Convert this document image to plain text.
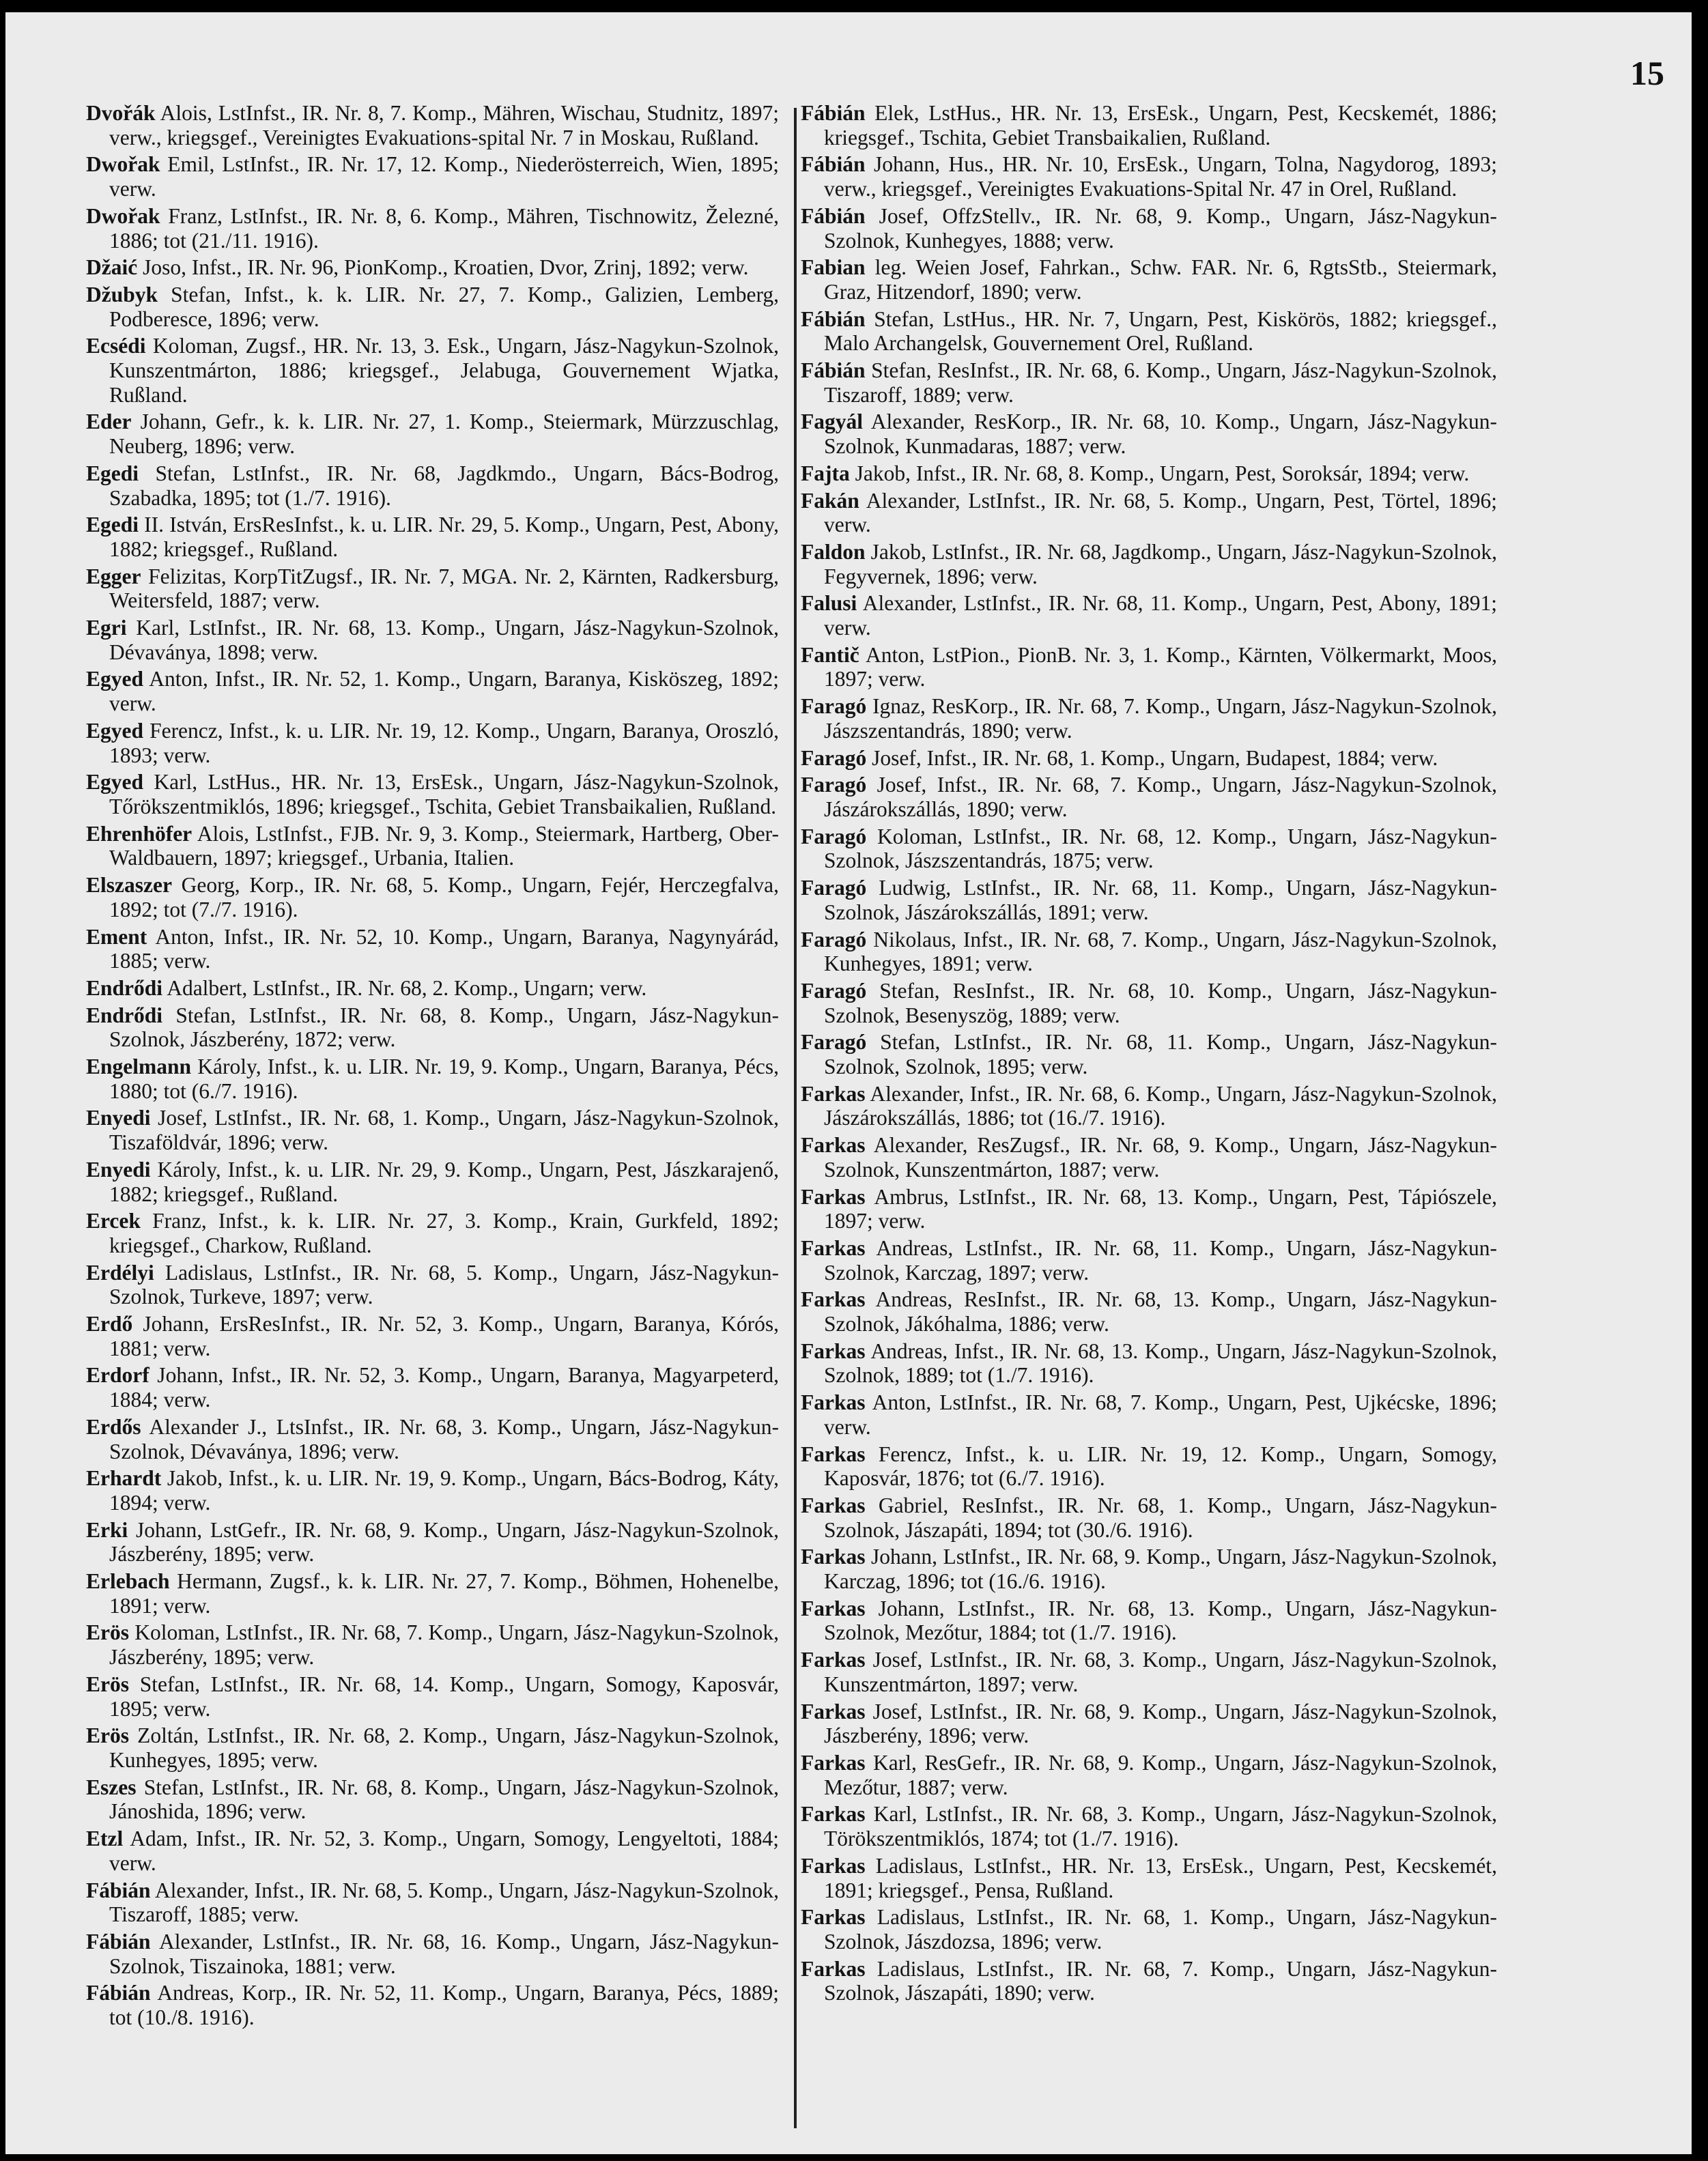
15
Dvořák Alois, LstInfst., IR. Nr. 8, 7. Komp., Mähren, Wischau, Studnitz, 1897; verw., kriegsgef., Vereinigtes Evakuations-spital Nr. 7 in Moskau, Rußland.
Dwořak Emil, LstInfst., IR. Nr. 17, 12. Komp., Niederösterreich, Wien, 1895; verw.
Dwořak Franz, LstInfst., IR. Nr. 8, 6. Komp., Mähren, Tischnowitz, Železné, 1886; tot (21./11. 1916).
Džaić Joso, Infst., IR. Nr. 96, PionKomp., Kroatien, Dvor, Zrinj, 1892; verw.
Džubyk Stefan, Infst., k. k. LIR. Nr. 27, 7. Komp., Galizien, Lemberg, Podberesce, 1896; verw.
Ecsédi Koloman, Zugsf., HR. Nr. 13, 3. Esk., Ungarn, Jász-Nagykun-Szolnok, Kunszentmárton, 1886; kriegsgef., Jelabuga, Gouvernement Wjatka, Rußland.
Eder Johann, Gefr., k. k. LIR. Nr. 27, 1. Komp., Steiermark, Mürzzuschlag, Neuberg, 1896; verw.
Egedi Stefan, LstInfst., IR. Nr. 68, Jagdkmdo., Ungarn, Bács-Bodrog, Szabadka, 1895; tot (1./7. 1916).
Egedi II. István, ErsResInfst., k. u. LIR. Nr. 29, 5. Komp., Ungarn, Pest, Abony, 1882; kriegsgef., Rußland.
Egger Felizitas, KorpTitZugsf., IR. Nr. 7, MGA. Nr. 2, Kärnten, Radkersburg, Weitersfeld, 1887; verw.
Egri Karl, LstInfst., IR. Nr. 68, 13. Komp., Ungarn, Jász-Nagykun-Szolnok, Dévaványa, 1898; verw.
Egyed Anton, Infst., IR. Nr. 52, 1. Komp., Ungarn, Baranya, Kisköszeg, 1892; verw.
Egyed Ferencz, Infst., k. u. LIR. Nr. 19, 12. Komp., Ungarn, Baranya, Oroszló, 1893; verw.
Egyed Karl, LstHus., HR. Nr. 13, ErsEsk., Ungarn, Jász-Nagykun-Szolnok, Tőrökszentmiklós, 1896; kriegsgef., Tschita, Gebiet Transbaikalien, Rußland.
Ehrenhöfer Alois, LstInfst., FJB. Nr. 9, 3. Komp., Steiermark, Hartberg, Ober-Waldbauern, 1897; kriegsgef., Urbania, Italien.
Elszaszer Georg, Korp., IR. Nr. 68, 5. Komp., Ungarn, Fejér, Herczegfalva, 1892; tot (7./7. 1916).
Ement Anton, Infst., IR. Nr. 52, 10. Komp., Ungarn, Baranya, Nagynyárád, 1885; verw.
Endrődi Adalbert, LstInfst., IR. Nr. 68, 2. Komp., Ungarn; verw.
Endrődi Stefan, LstInfst., IR. Nr. 68, 8. Komp., Ungarn, Jász-Nagykun-Szolnok, Jászberény, 1872; verw.
Engelmann Károly, Infst., k. u. LIR. Nr. 19, 9. Komp., Ungarn, Baranya, Pécs, 1880; tot (6./7. 1916).
Enyedi Josef, LstInfst., IR. Nr. 68, 1. Komp., Ungarn, Jász-Nagykun-Szolnok, Tiszaföldvár, 1896; verw.
Enyedi Károly, Infst., k. u. LIR. Nr. 29, 9. Komp., Ungarn, Pest, Jászkarajenő, 1882; kriegsgef., Rußland.
Ercek Franz, Infst., k. k. LIR. Nr. 27, 3. Komp., Krain, Gurkfeld, 1892; kriegsgef., Charkow, Rußland.
Erdélyi Ladislaus, LstInfst., IR. Nr. 68, 5. Komp., Ungarn, Jász-Nagykun-Szolnok, Turkeve, 1897; verw.
Erdő Johann, ErsResInfst., IR. Nr. 52, 3. Komp., Ungarn, Baranya, Kórós, 1881; verw.
Erdorf Johann, Infst., IR. Nr. 52, 3. Komp., Ungarn, Baranya, Magyarpeterd, 1884; verw.
Erdős Alexander J., LtsInfst., IR. Nr. 68, 3. Komp., Ungarn, Jász-Nagykun-Szolnok, Dévaványa, 1896; verw.
Erhardt Jakob, Infst., k. u. LIR. Nr. 19, 9. Komp., Ungarn, Bács-Bodrog, Káty, 1894; verw.
Erki Johann, LstGefr., IR. Nr. 68, 9. Komp., Ungarn, Jász-Nagykun-Szolnok, Jászberény, 1895; verw.
Erlebach Hermann, Zugsf., k. k. LIR. Nr. 27, 7. Komp., Böhmen, Hohenelbe, 1891; verw.
Erös Koloman, LstInfst., IR. Nr. 68, 7. Komp., Ungarn, Jász-Nagykun-Szolnok, Jászberény, 1895; verw.
Erös Stefan, LstInfst., IR. Nr. 68, 14. Komp., Ungarn, Somogy, Kaposvár, 1895; verw.
Erös Zoltán, LstInfst., IR. Nr. 68, 2. Komp., Ungarn, Jász-Nagykun-Szolnok, Kunhegyes, 1895; verw.
Eszes Stefan, LstInfst., IR. Nr. 68, 8. Komp., Ungarn, Jász-Nagykun-Szolnok, Jánoshida, 1896; verw.
Etzl Adam, Infst., IR. Nr. 52, 3. Komp., Ungarn, Somogy, Lengyeltoti, 1884; verw.
Fábián Alexander, Infst., IR. Nr. 68, 5. Komp., Ungarn, Jász-Nagykun-Szolnok, Tiszaroff, 1885; verw.
Fábián Alexander, LstInfst., IR. Nr. 68, 16. Komp., Ungarn, Jász-Nagykun-Szolnok, Tiszainoka, 1881; verw.
Fábián Andreas, Korp., IR. Nr. 52, 11. Komp., Ungarn, Baranya, Pécs, 1889; tot (10./8. 1916).
Fábián Elek, LstHus., HR. Nr. 13, ErsEsk., Ungarn, Pest, Kecskemét, 1886; kriegsgef., Tschita, Gebiet Transbaikalien, Rußland.
Fábián Johann, Hus., HR. Nr. 10, ErsEsk., Ungarn, Tolna, Nagydorog, 1893; verw., kriegsgef., Vereinigtes Evakuations-Spital Nr. 47 in Orel, Rußland.
Fábián Josef, OffzStellv., IR. Nr. 68, 9. Komp., Ungarn, Jász-Nagykun-Szolnok, Kunhegyes, 1888; verw.
Fabian leg. Weien Josef, Fahrkan., Schw. FAR. Nr. 6, RgtsStb., Steiermark, Graz, Hitzendorf, 1890; verw.
Fábián Stefan, LstHus., HR. Nr. 7, Ungarn, Pest, Kiskörös, 1882; kriegsgef., Malo Archangelsk, Gouvernement Orel, Rußland.
Fábián Stefan, ResInfst., IR. Nr. 68, 6. Komp., Ungarn, Jász-Nagykun-Szolnok, Tiszaroff, 1889; verw.
Fagyál Alexander, ResKorp., IR. Nr. 68, 10. Komp., Ungarn, Jász-Nagykun-Szolnok, Kunmadaras, 1887; verw.
Fajta Jakob, Infst., IR. Nr. 68, 8. Komp., Ungarn, Pest, Soroksár, 1894; verw.
Fakán Alexander, LstInfst., IR. Nr. 68, 5. Komp., Ungarn, Pest, Törtel, 1896; verw.
Faldon Jakob, LstInfst., IR. Nr. 68, Jagdkomp., Ungarn, Jász-Nagykun-Szolnok, Fegyvernek, 1896; verw.
Falusi Alexander, LstInfst., IR. Nr. 68, 11. Komp., Ungarn, Pest, Abony, 1891; verw.
Fantič Anton, LstPion., PionB. Nr. 3, 1. Komp., Kärnten, Völkermarkt, Moos, 1897; verw.
Faragó Ignaz, ResKorp., IR. Nr. 68, 7. Komp., Ungarn, Jász-Nagykun-Szolnok, Jászszentandrás, 1890; verw.
Faragó Josef, Infst., IR. Nr. 68, 1. Komp., Ungarn, Budapest, 1884; verw.
Faragó Josef, Infst., IR. Nr. 68, 7. Komp., Ungarn, Jász-Nagykun-Szolnok, Jászárokszállás, 1890; verw.
Faragó Koloman, LstInfst., IR. Nr. 68, 12. Komp., Ungarn, Jász-Nagykun-Szolnok, Jászszentandrás, 1875; verw.
Faragó Ludwig, LstInfst., IR. Nr. 68, 11. Komp., Ungarn, Jász-Nagykun-Szolnok, Jászárokszállás, 1891; verw.
Faragó Nikolaus, Infst., IR. Nr. 68, 7. Komp., Ungarn, Jász-Nagykun-Szolnok, Kunhegyes, 1891; verw.
Faragó Stefan, ResInfst., IR. Nr. 68, 10. Komp., Ungarn, Jász-Nagykun-Szolnok, Besenyszög, 1889; verw.
Faragó Stefan, LstInfst., IR. Nr. 68, 11. Komp., Ungarn, Jász-Nagykun-Szolnok, Szolnok, 1895; verw.
Farkas Alexander, Infst., IR. Nr. 68, 6. Komp., Ungarn, Jász-Nagykun-Szolnok, Jászárokszállás, 1886; tot (16./7. 1916).
Farkas Alexander, ResZugsf., IR. Nr. 68, 9. Komp., Ungarn, Jász-Nagykun-Szolnok, Kunszentmárton, 1887; verw.
Farkas Ambrus, LstInfst., IR. Nr. 68, 13. Komp., Ungarn, Pest, Tápiószele, 1897; verw.
Farkas Andreas, LstInfst., IR. Nr. 68, 11. Komp., Ungarn, Jász-Nagykun-Szolnok, Karczag, 1897; verw.
Farkas Andreas, ResInfst., IR. Nr. 68, 13. Komp., Ungarn, Jász-Nagykun-Szolnok, Jákóhalma, 1886; verw.
Farkas Andreas, Infst., IR. Nr. 68, 13. Komp., Ungarn, Jász-Nagykun-Szolnok, Szolnok, 1889; tot (1./7. 1916).
Farkas Anton, LstInfst., IR. Nr. 68, 7. Komp., Ungarn, Pest, Ujkécske, 1896; verw.
Farkas Ferencz, Infst., k. u. LIR. Nr. 19, 12. Komp., Ungarn, Somogy, Kaposvár, 1876; tot (6./7. 1916).
Farkas Gabriel, ResInfst., IR. Nr. 68, 1. Komp., Ungarn, Jász-Nagykun-Szolnok, Jászapáti, 1894; tot (30./6. 1916).
Farkas Johann, LstInfst., IR. Nr. 68, 9. Komp., Ungarn, Jász-Nagykun-Szolnok, Karczag, 1896; tot (16./6. 1916).
Farkas Johann, LstInfst., IR. Nr. 68, 13. Komp., Ungarn, Jász-Nagykun-Szolnok, Mezőtur, 1884; tot (1./7. 1916).
Farkas Josef, LstInfst., IR. Nr. 68, 3. Komp., Ungarn, Jász-Nagykun-Szolnok, Kunszentmárton, 1897; verw.
Farkas Josef, LstInfst., IR. Nr. 68, 9. Komp., Ungarn, Jász-Nagykun-Szolnok, Jászberény, 1896; verw.
Farkas Karl, ResGefr., IR. Nr. 68, 9. Komp., Ungarn, Jász-Nagykun-Szolnok, Mezőtur, 1887; verw.
Farkas Karl, LstInfst., IR. Nr. 68, 3. Komp., Ungarn, Jász-Nagykun-Szolnok, Törökszentmiklós, 1874; tot (1./7. 1916).
Farkas Ladislaus, LstInfst., HR. Nr. 13, ErsEsk., Ungarn, Pest, Kecskemét, 1891; kriegsgef., Pensa, Rußland.
Farkas Ladislaus, LstInfst., IR. Nr. 68, 1. Komp., Ungarn, Jász-Nagykun-Szolnok, Jászdozsa, 1896; verw.
Farkas Ladislaus, LstInfst., IR. Nr. 68, 7. Komp., Ungarn, Jász-Nagykun-Szolnok, Jászapáti, 1890; verw.
